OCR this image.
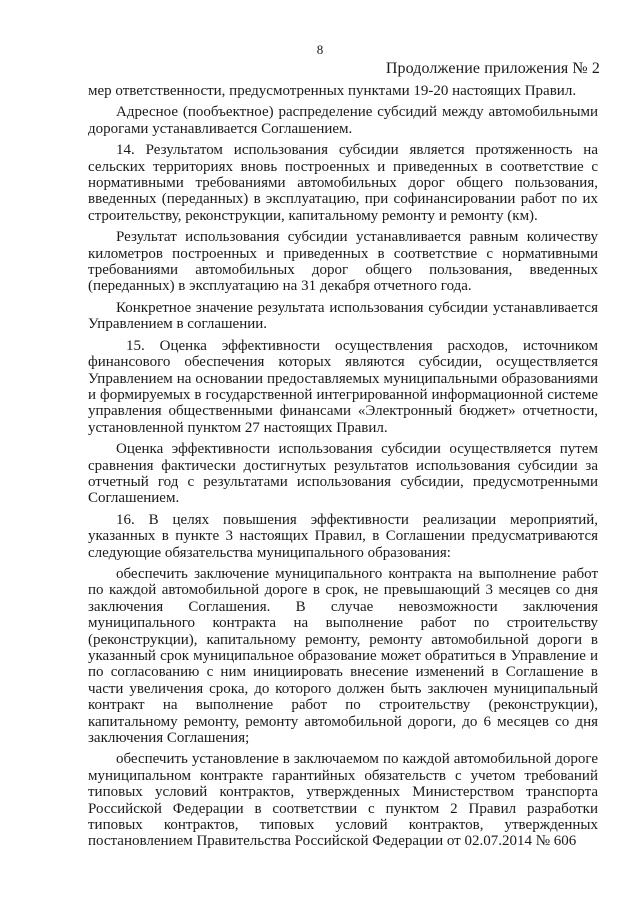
8
Продолжение приложения № 2

мер ответственности, предусмотренных пунктами 19-20 настоящих Правил.

Адресное (пообъектное) распределение субсидий между автомобильными дорогами устанавливается Соглашением.

14. Результатом использования субсидии является протяженность на сельских территориях вновь построенных и приведенных в соответствие с нормативными требованиями автомобильных дорог общего пользования, введенных (переданных) в эксплуатацию, при софинансировании работ по их строительству, реконструкции, капитальному ремонту и ремонту (км).

Результат использования субсидии устанавливается равным количеству километров построенных и приведенных в соответствие с нормативными требованиями автомобильных дорог общего пользования, введенных (переданных) в эксплуатацию на 31 декабря отчетного года.

Конкретное значение результата использования субсидии устанавливается Управлением в соглашении.

15. Оценка эффективности осуществления расходов, источником финансового обеспечения которых являются субсидии, осуществляется Управлением на основании предоставляемых муниципальными образованиями и формируемых в государственной интегрированной информационной системе управления общественными финансами «Электронный бюджет» отчетности, установленной пунктом 27 настоящих Правил.

Оценка эффективности использования субсидии осуществляется путем сравнения фактически достигнутых результатов использования субсидии за отчетный год с результатами использования субсидии, предусмотренными Соглашением.

16. В целях повышения эффективности реализации мероприятий, указанных в пункте 3 настоящих Правил, в Соглашении предусматриваются следующие обязательства муниципального образования:

обеспечить заключение муниципального контракта на выполнение работ по каждой автомобильной дороге в срок, не превышающий 3 месяцев со дня заключения Соглашения. В случае невозможности заключения муниципального контракта на выполнение работ по строительству (реконструкции), капитальному ремонту, ремонту автомобильной дороги в указанный срок муниципальное образование может обратиться в Управление и по согласованию с ним инициировать внесение изменений в Соглашение в части увеличения срока, до которого должен быть заключен муниципальный контракт на выполнение работ по строительству (реконструкции), капитальному ремонту, ремонту автомобильной дороги, до 6 месяцев со дня заключения Соглашения;

обеспечить установление в заключаемом по каждой автомобильной дороге муниципальном контракте гарантийных обязательств с учетом требований типовых условий контрактов, утвержденных Министерством транспорта Российской Федерации в соответствии с пунктом 2 Правил разработки типовых контрактов, типовых условий контрактов, утвержденных постановлением Правительства Российской Федерации от 02.07.2014 № 606
